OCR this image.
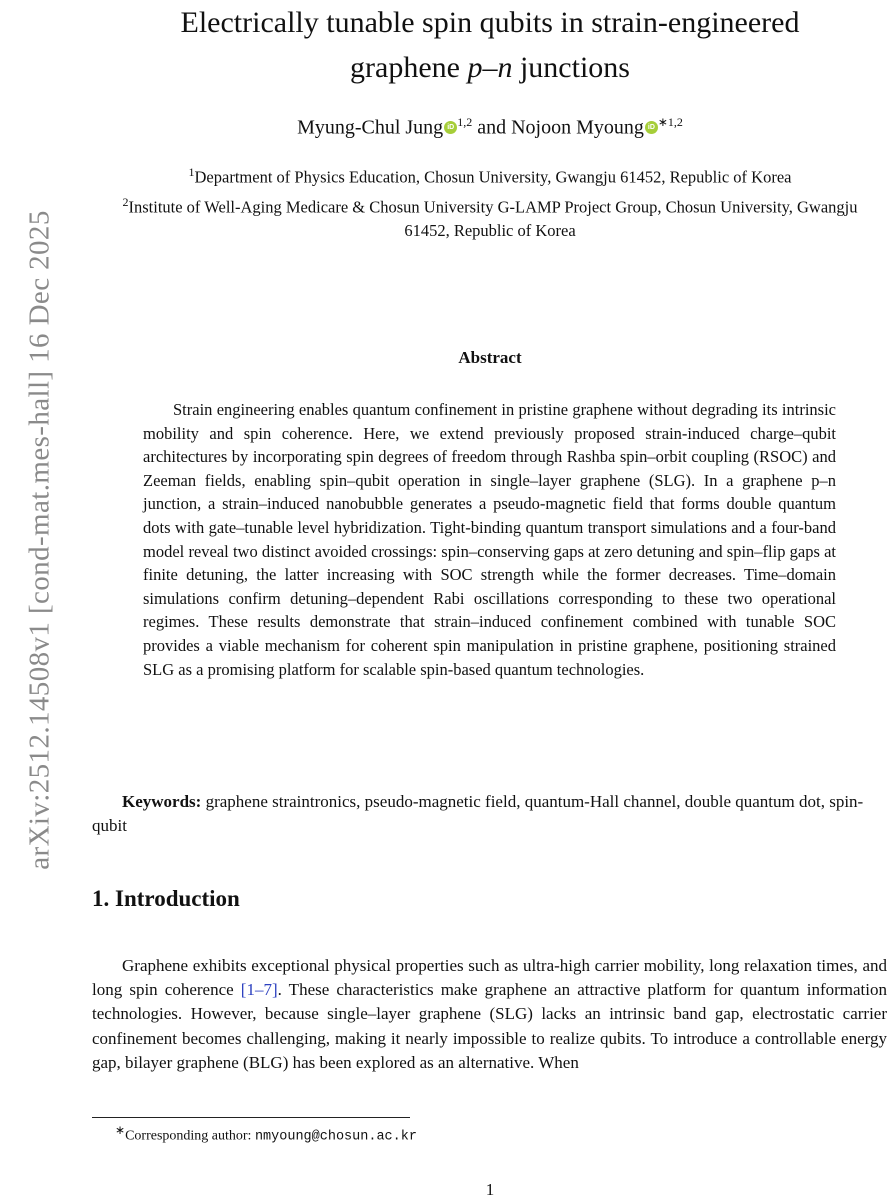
arXiv:2512.14508v1 [cond-mat.mes-hall] 16 Dec 2025
Electrically tunable spin qubits in strain-engineered
graphene p–n junctions
Myung-Chul Jung iD $^{1,2}$ and Nojoon Myoung iD $^{∗1,2}$

$^1$Department of Physics Education, Chosun University, Gwangju 61452, Republic of Korea

$^2$Institute of Well-Aging Medicare & Chosun University G-LAMP Project Group, Chosun University, Gwangju 61452, Republic of Korea

Abstract

Strain engineering enables quantum confinement in pristine graphene without degrading its intrinsic mobility and spin coherence. Here, we extend previously proposed strain-induced charge–qubit architectures by incorporating spin degrees of freedom through Rashba spin–orbit coupling (RSOC) and Zeeman fields, enabling spin–qubit operation in single–layer graphene (SLG). In a graphene p–n junction, a strain–induced nanobubble generates a pseudo-magnetic field that forms double quantum dots with gate–tunable level hybridization. Tight-binding quantum transport simulations and a four-band model reveal two distinct avoided crossings: spin–conserving gaps at zero detuning and spin–flip gaps at finite detuning, the latter increasing with SOC strength while the former decreases. Time–domain simulations confirm detuning–dependent Rabi oscillations corresponding to these two operational regimes. These results demonstrate that strain–induced confinement combined with tunable SOC provides a viable mechanism for coherent spin manipulation in pristine graphene, positioning strained SLG as a promising platform for scalable spin-based quantum technologies.

Keywords: graphene straintronics, pseudo-magnetic field, quantum-Hall channel, double quantum dot, spin-qubit

1. Introduction

Graphene exhibits exceptional physical properties such as ultra-high carrier mobility, long relaxation times, and long spin coherence [1–7]. These characteristics make graphene an attractive platform for quantum information technologies. However, because single–layer graphene (SLG) lacks an intrinsic band gap, electrostatic carrier confinement becomes challenging, making it nearly impossible to realize qubits. To introduce a controllable energy gap, bilayer graphene (BLG) has been explored as an alternative. When

∗Corresponding author: nmyoung@chosun.ac.kr
1
